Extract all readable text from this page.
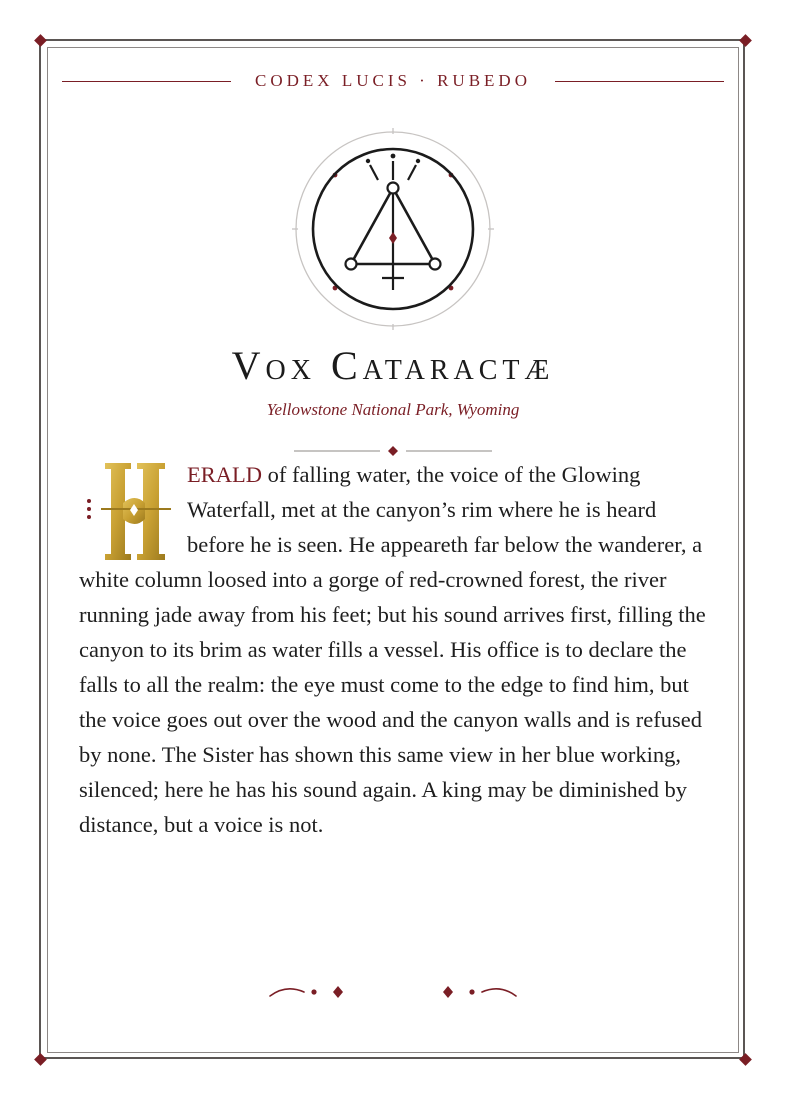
CODEX LUCIS · RUBEDO
Vox Cataractæ
Yellowstone National Park, Wyoming

ERALD of falling water, the voice of the Glowing Waterfall, met at the canyon’s rim where he is heard before he is seen. He appeareth far below the wanderer, a white column loosed into a gorge of red-crowned forest, the river running jade away from his feet; but his sound arrives first, filling the canyon to its brim as water fills a vessel. His office is to declare the falls to all the realm: the eye must come to the edge to find him, but the voice goes out over the wood and the canyon walls and is refused by none. The Sister has shown this same view in her blue working, silenced; here he has his sound again. A king may be diminished by distance, but a voice is not.
